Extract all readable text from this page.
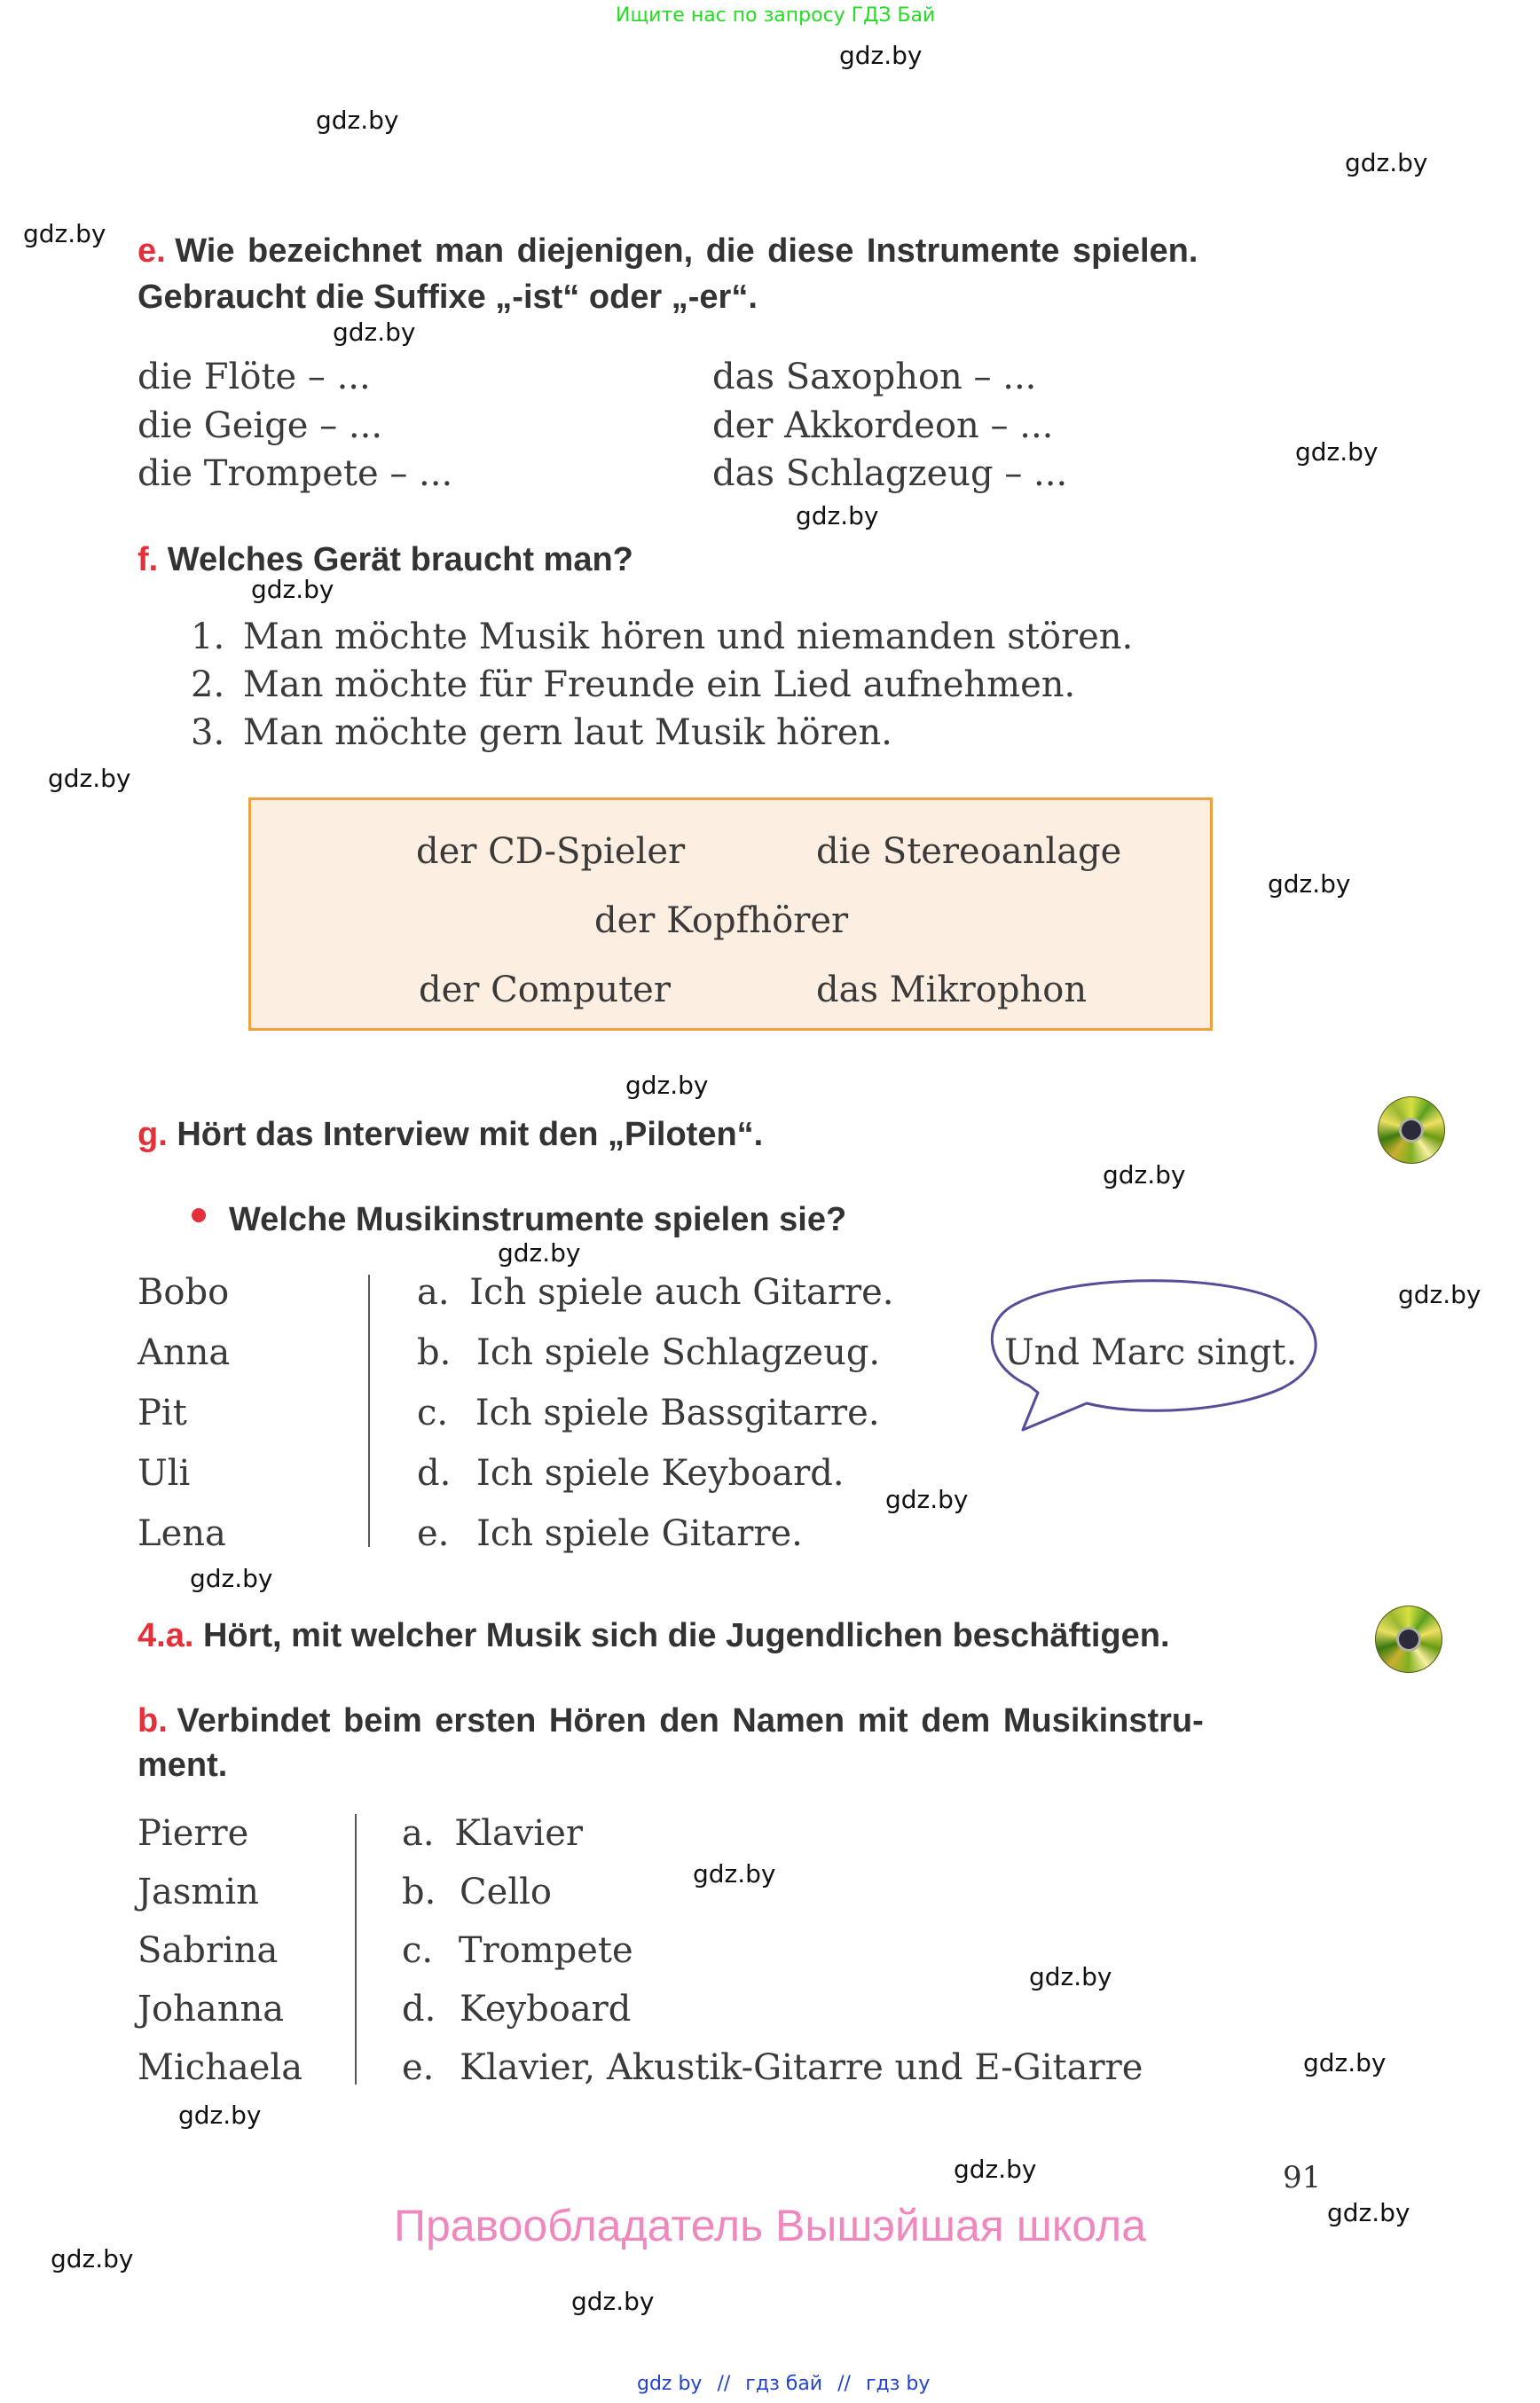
Ищите нас по запросу ГДЗ Бай
gdz.by
gdz.by
gdz.by
gdz.by
gdz.by
gdz.by
gdz.by
gdz.by
gdz.by
gdz.by
gdz.by
gdz.by
gdz.by
gdz.by
gdz.by
gdz.by
gdz.by
gdz.by
gdz.by
gdz.by
gdz.by
gdz.by
gdz.by
gdz.by
e. Wie bezeichnet man diejenigen, die diese Instrumente spielen.
Gebraucht die Suffixe „-ist“ oder „-er“.
die Flöte – ...
die Geige – ...
die Trompete – ...
das Saxophon – ...
der Akkordeon – ...
das Schlagzeug – ...
f. Welches Gerät braucht man?
1. Man möchte Musik hören und niemanden stören.
2. Man möchte für Freunde ein Lied aufnehmen.
3. Man möchte gern laut Musik hören.
der CD-Spieler	die Stereoanlage
der Kopfhörer
der Computer	das Mikrophon
g. Hört das Interview mit den „Piloten“.
Welche Musikinstrumente spielen sie?
Bobo
Anna
Pit
Uli
Lena
a. Ich spiele auch Gitarre.
b. Ich spiele Schlagzeug.
c. Ich spiele Bassgitarre.
d. Ich spiele Keyboard.
e. Ich spiele Gitarre.
Und Marc singt.
4.a. Hört, mit welcher Musik sich die Jugendlichen beschäftigen.
b. Verbindet beim ersten Hören den Namen mit dem Musikinstru-
ment.
Pierre
Jasmin
Sabrina
Johanna
Michaela
a. Klavier
b. Cello
c. Trompete
d. Keyboard
e. Klavier, Akustik-Gitarre und E-Gitarre
91
Правообладатель Вышэйшая школа
gdz by // гдз бай // гдз by
